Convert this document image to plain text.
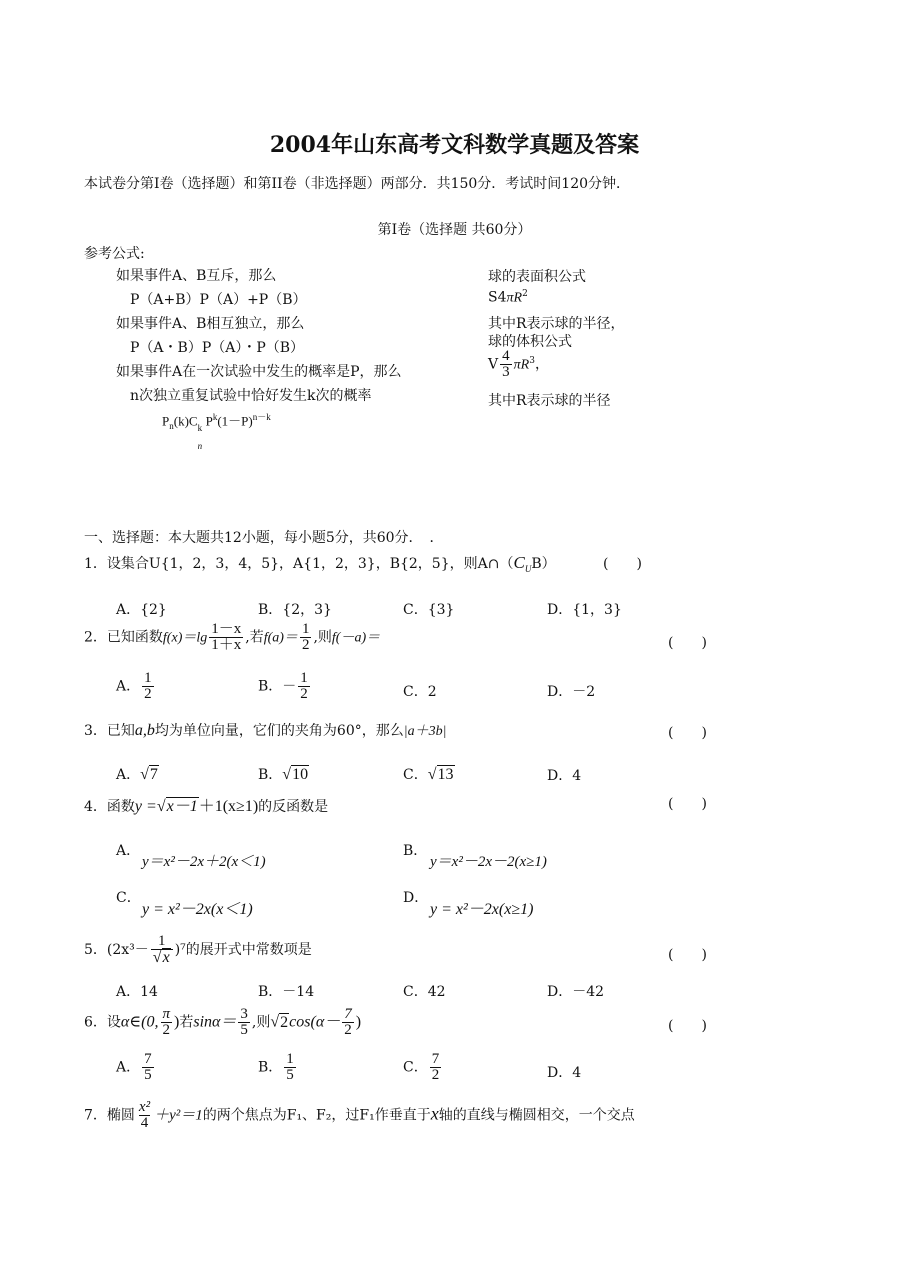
2004年山东高考文科数学真题及答案
本试卷分第Ⅰ卷（选择题）和第II卷（非选择题）两部分．共150分．考试时间120分钟．
第Ⅰ卷（选择题 共60分）
参考公式:
如果事件A、B互斥，那么
P（A+B）P（A）+P（B）
如果事件A、B相互独立，那么
P（A・B）P（A）・P（B）
如果事件A在一次试验中发生的概率是P，那么
n次独立重复试验中恰好发生k次的概率
$P_n(k)C$ k
n
$P^k(1-P)^{n-k}$
球的表面积公式
$S4\pi R^2$
其中R表示球的半径，
球的体积公式
V $\frac{4}{3} \pi R^3$，
其中R表示球的半径
一、选择题：本大题共12小题，每小题5分，共60分．　．
1．设集合U{1，2，3，4，5}，A{1，2，3}，B{2，5}，则$A\cap(C_UB)$	(　　)
A．{2}	B．{2，3}	C．{3}	D．{1，3}
2．已知函数$f(x)=\lg \frac{1-x}{1+x}$ ,若$f(a)= \frac{1}{2}$ ,则f(－a)＝	(　　)
A． $\frac{1}{2}$	B．－ $\frac{1}{2}$	C．2	D．－2
3．已知a,b均为单位向量，它们的夹角为60°，那么|a＋3b|	(　　)
A．√7	B．√10	C．√13	D．4
4．函数y =√x－1＋1(x≥1)的反函数是	(　　)
A．
y＝x²－2x＋2(x＜1)
B．
y＝x²－2x－2(x≥1)
C．
y = x²－2x(x＜1)
D．
y = x²－2x(x≥1)
5．$(2x^3- \frac{1}{√x} )^7$的展开式中常数项是	(　　)
A．14	B．－14	C．42	D．－42
6．设α∈(0, $\frac{\pi}{2}$ )若$\sin\alpha= \frac{3}{5}$ ,则$√2\cos(\alpha- \frac{7}{2}$ )	(　　)
A． $\frac{7}{5}$	B． $\frac{1}{5}$	C． $\frac{7}{2}$	D．4
7．椭圆 $\frac{\text{x²}}{4} +y^2=1$的两个焦点为F₁、F₂，过F₁作垂直于x轴的直线与椭圆相交，一个交点
